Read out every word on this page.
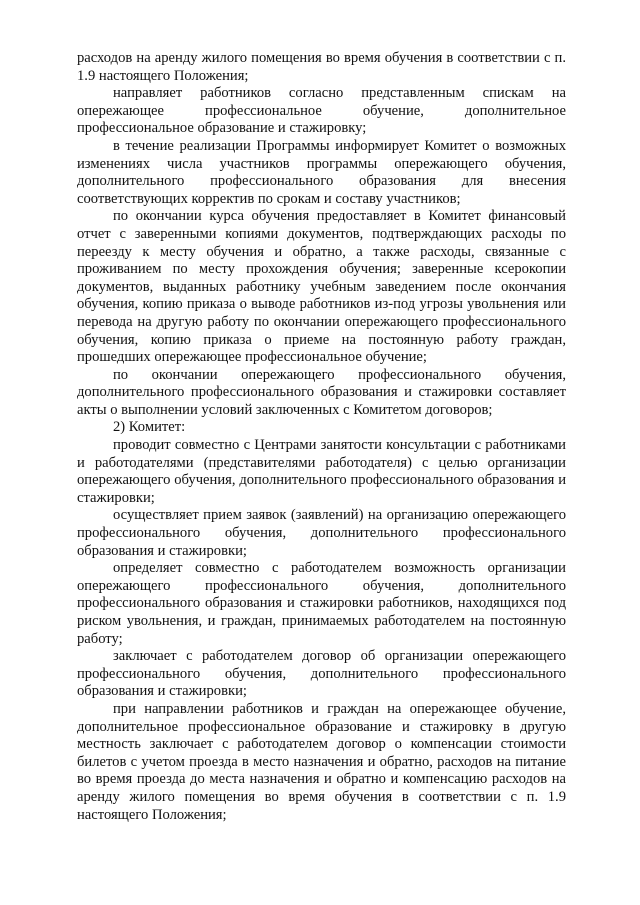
расходов на аренду жилого помещения во время обучения в соответствии с п. 1.9 настоящего Положения;

направляет работников согласно представленным спискам на опережающее профессиональное обучение, дополнительное профессиональное образование и стажировку;

в течение реализации Программы информирует Комитет о возможных изменениях числа участников программы опережающего обучения, дополнительного профессионального образования для внесения соответствующих корректив по срокам и составу участников;

по окончании курса обучения предоставляет в Комитет финансовый отчет с заверенными копиями документов, подтверждающих расходы по переезду к месту обучения и обратно, а также расходы, связанные с проживанием по месту прохождения обучения; заверенные ксерокопии документов, выданных работнику учебным заведением после окончания обучения, копию приказа о выводе работников из-под угрозы увольнения или перевода на другую работу по окончании опережающего профессионального обучения, копию приказа о приеме на постоянную работу граждан, прошедших опережающее профессиональное обучение;

по окончании опережающего профессионального обучения, дополнительного профессионального образования и стажировки составляет акты о выполнении условий заключенных с Комитетом договоров;

2) Комитет:

проводит совместно с Центрами занятости консультации с работниками и работодателями (представителями работодателя) с целью организации опережающего обучения, дополнительного профессионального образования и стажировки;

осуществляет прием заявок (заявлений) на организацию опережающего профессионального обучения, дополнительного профессионального образования и стажировки;

определяет совместно с работодателем возможность организации опережающего профессионального обучения, дополнительного профессионального образования и стажировки работников, находящихся под риском увольнения, и граждан, принимаемых работодателем на постоянную работу;

заключает с работодателем договор об организации опережающего профессионального обучения, дополнительного профессионального образования и стажировки;

при направлении работников и граждан на опережающее обучение, дополнительное профессиональное образование и стажировку в другую местность заключает с работодателем договор о компенсации стоимости билетов с учетом проезда в место назначения и обратно, расходов на питание во время проезда до места назначения и обратно и компенсацию расходов на аренду жилого помещения во время обучения в соответствии с п. 1.9 настоящего Положения;
